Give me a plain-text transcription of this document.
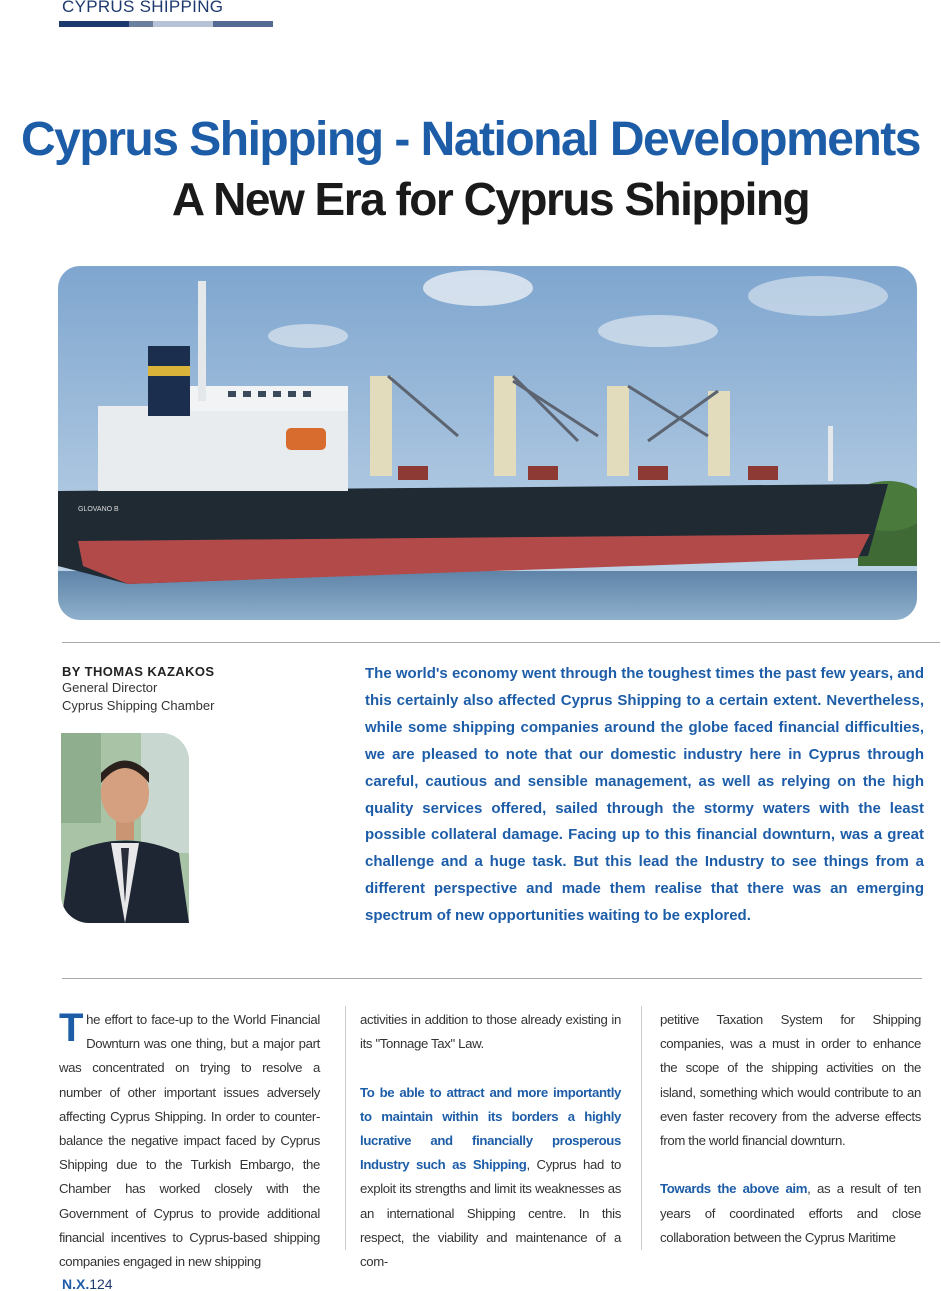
CYPRUS SHIPPING
Cyprus Shipping - National Developments
A New Era for Cyprus Shipping
GLOVANO B
BY THOMAS KAZAKOS
General Director
Cyprus Shipping Chamber
The world's economy went through the toughest times the past few years, and this certainly also affected Cyprus Shipping to a certain extent. Nevertheless, while some shipping companies around the globe faced financial difficulties, we are pleased to note that our domestic industry here in Cyprus through careful, cautious and sensible management, as well as relying on the high quality services offered, sailed through the stormy waters with the least possible collateral damage. Facing up to this financial downturn, was a great challenge and a huge task. But this lead the Industry to see things from a different perspective and made them realise that there was an emerging spectrum of new opportunities waiting to be explored.

The effort to face-up to the World Financial Downturn was one thing, but a major part was concentrated on trying to resolve a number of other important issues adversely affecting Cyprus Shipping. In order to counter-balance the negative impact faced by Cyprus Shipping due to the Turkish Embargo, the Chamber has worked closely with the Government of Cyprus to provide additional financial incentives to Cyprus-based shipping companies engaged in new shipping

activities in addition to those already existing in its "Tonnage Tax" Law.

To be able to attract and more importantly to maintain within its borders a highly lucrative and financially prosperous Industry such as Shipping, Cyprus had to exploit its strengths and limit its weaknesses as an international Shipping centre. In this respect, the viability and maintenance of a com-

petitive Taxation System for Shipping companies, was a must in order to enhance the scope of the shipping activities on the island, something which would contribute to an even faster recovery from the adverse effects from the world financial downturn.

Towards the above aim, as a result of ten years of coordinated efforts and close collaboration between the Cyprus Maritime

N.X.124
